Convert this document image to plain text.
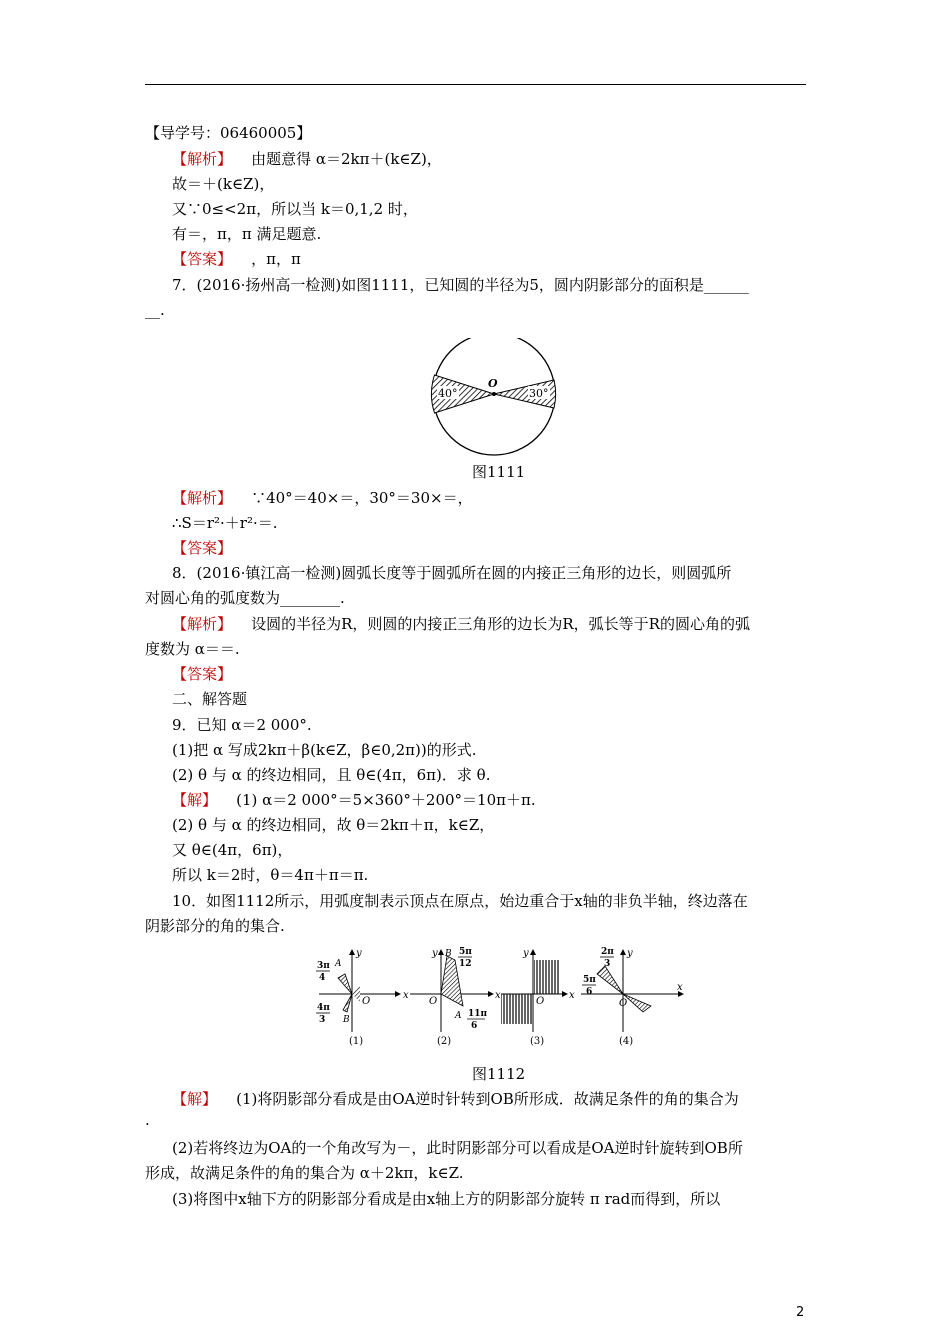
【导学号：06460005】
【解析】 由题意得 α＝2kπ＋(k∈Z)，
故＝＋(k∈Z)，
又∵0≤<2π，所以当 k＝0,1,2 时，
有＝，π，π 满足题意.
【答案】 ，π，π
7．(2016·扬州高一检测)如图1111，已知圆的半径为5，圆内阴影部分的面积是______
__.
40°	30°
O
图1111
【解析】 ∵40°＝40×＝，30°＝30×＝，
∴S＝r²·＋r²·＝.
【答案】
8．(2016·镇江高一检测)圆弧长度等于圆弧所在圆的内接正三角形的边长，则圆弧所
对圆心角的弧度数为________.
【解析】 设圆的半径为R，则圆的内接正三角形的边长为R，弧长等于R的圆心角的弧
度数为 α＝＝.
【答案】
二、解答题
9．已知 α＝2 000°.
(1)把 α 写成2kπ＋β(k∈Z，β∈0,2π))的形式.
(2) θ 与 α 的终边相同，且 θ∈(4π，6π)．求 θ.
【解】 (1) α＝2 000°＝5×360°＋200°＝10π＋π.
(2) θ 与 α 的终边相同，故 θ＝2kπ＋π，k∈Z，
又 θ∈(4π，6π)，
所以 k＝2时，θ＝4π＋π＝π.
10．如图1112所示，用弧度制表示顶点在原点，始边重合于x轴的非负半轴，终边落在
阴影部分的角的集合.
x
y
O
A
B
3π
4
4π
3
(1)
x
y
O
B
A
5π
12
11π
6
(2)
x
y
O
(3)
x
y
O
2π
3
5π
6
(4)
图1112
【解】 (1)将阴影部分看成是由OA逆时针转到OB所形成．故满足条件的角的集合为
.
(2)若将终边为OA的一个角改写为－，此时阴影部分可以看成是OA逆时针旋转到OB所
形成，故满足条件的角的集合为 α＋2kπ，k∈Z.
(3)将图中x轴下方的阴影部分看成是由x轴上方的阴影部分旋转 π rad而得到，所以
2
